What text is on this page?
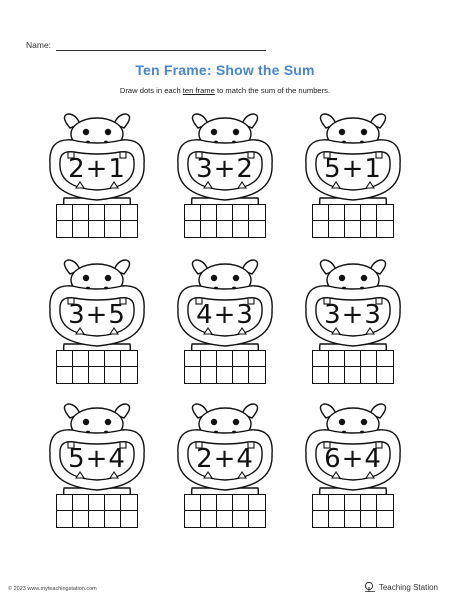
Name:
Ten Frame: Show the Sum
Draw dots in each ten frame to match the sum of the numbers.
2+1	3+2	5+1
3+5	4+3	3+3
5+4	2+4	6+4
© 2023 www.myteachingstation.com	Teaching Station
